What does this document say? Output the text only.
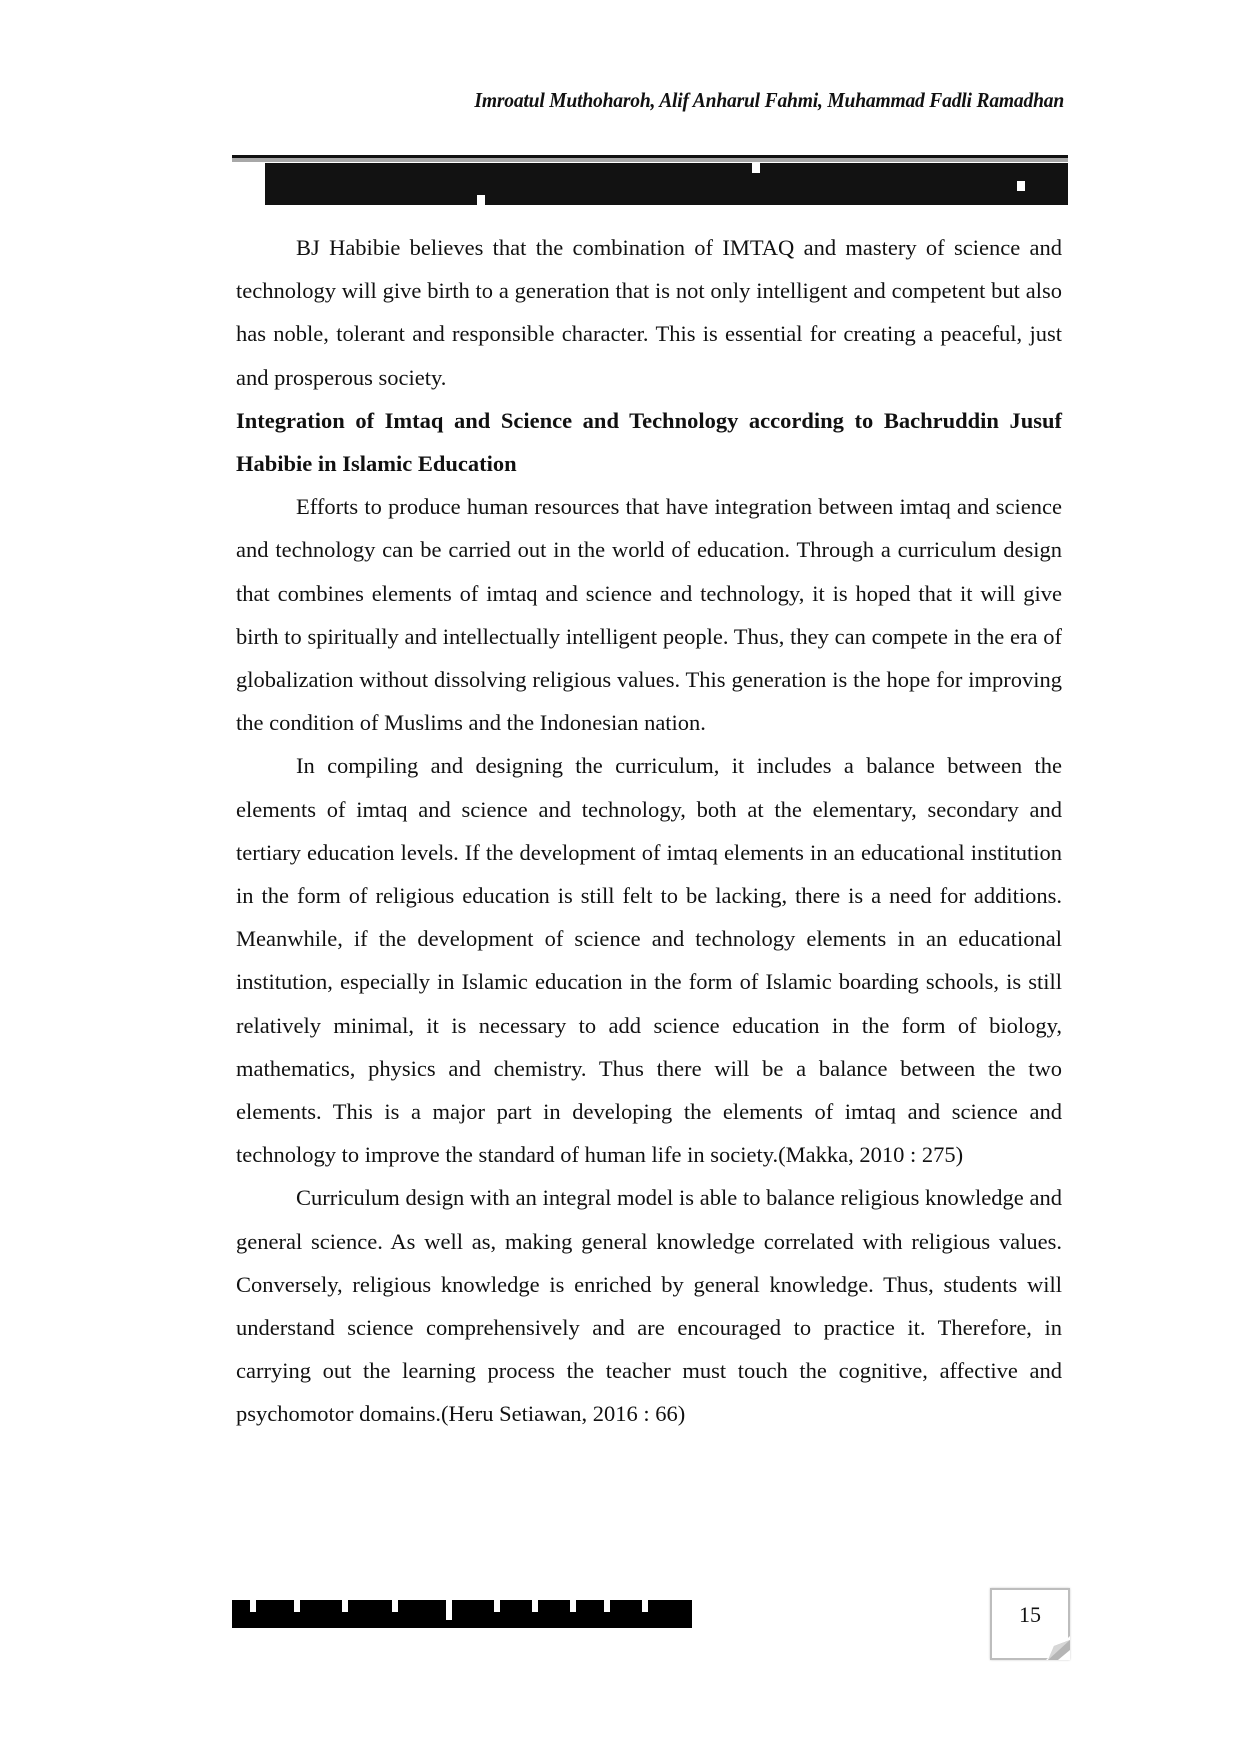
Imroatul Muthoharoh, Alif Anharul Fahmi, Muhammad Fadli Ramadhan

BJ Habibie believes that the combination of IMTAQ and mastery of science and technology will give birth to a generation that is not only intelligent and competent but also has noble, tolerant and responsible character. This is essential for creating a peaceful, just and prosperous society.

Integration of Imtaq and Science and Technology according to Bachruddin Jusuf Habibie in Islamic Education

Efforts to produce human resources that have integration between imtaq and science and technology can be carried out in the world of education. Through a curriculum design that combines elements of imtaq and science and technology, it is hoped that it will give birth to spiritually and intellectually intelligent people. Thus, they can compete in the era of globalization without dissolving religious values. This generation is the hope for improving the condition of Muslims and the Indonesian nation.

In compiling and designing the curriculum, it includes a balance between the elements of imtaq and science and technology, both at the elementary, secondary and tertiary education levels. If the development of imtaq elements in an educational institution in the form of religious education is still felt to be lacking, there is a need for additions. Meanwhile, if the development of science and technology elements in an educational institution, especially in Islamic education in the form of Islamic boarding schools, is still relatively minimal, it is necessary to add science education in the form of biology, mathematics, physics and chemistry. Thus there will be a balance between the two elements. This is a major part in developing the elements of imtaq and science and technology to improve the standard of human life in society.(Makka, 2010 : 275)

Curriculum design with an integral model is able to balance religious knowledge and general science. As well as, making general knowledge correlated with religious values. Conversely, religious knowledge is enriched by general knowledge. Thus, students will understand science comprehensively and are encouraged to practice it. Therefore, in carrying out the learning process the teacher must touch the cognitive, affective and psychomotor domains.(Heru Setiawan, 2016 : 66)

15
